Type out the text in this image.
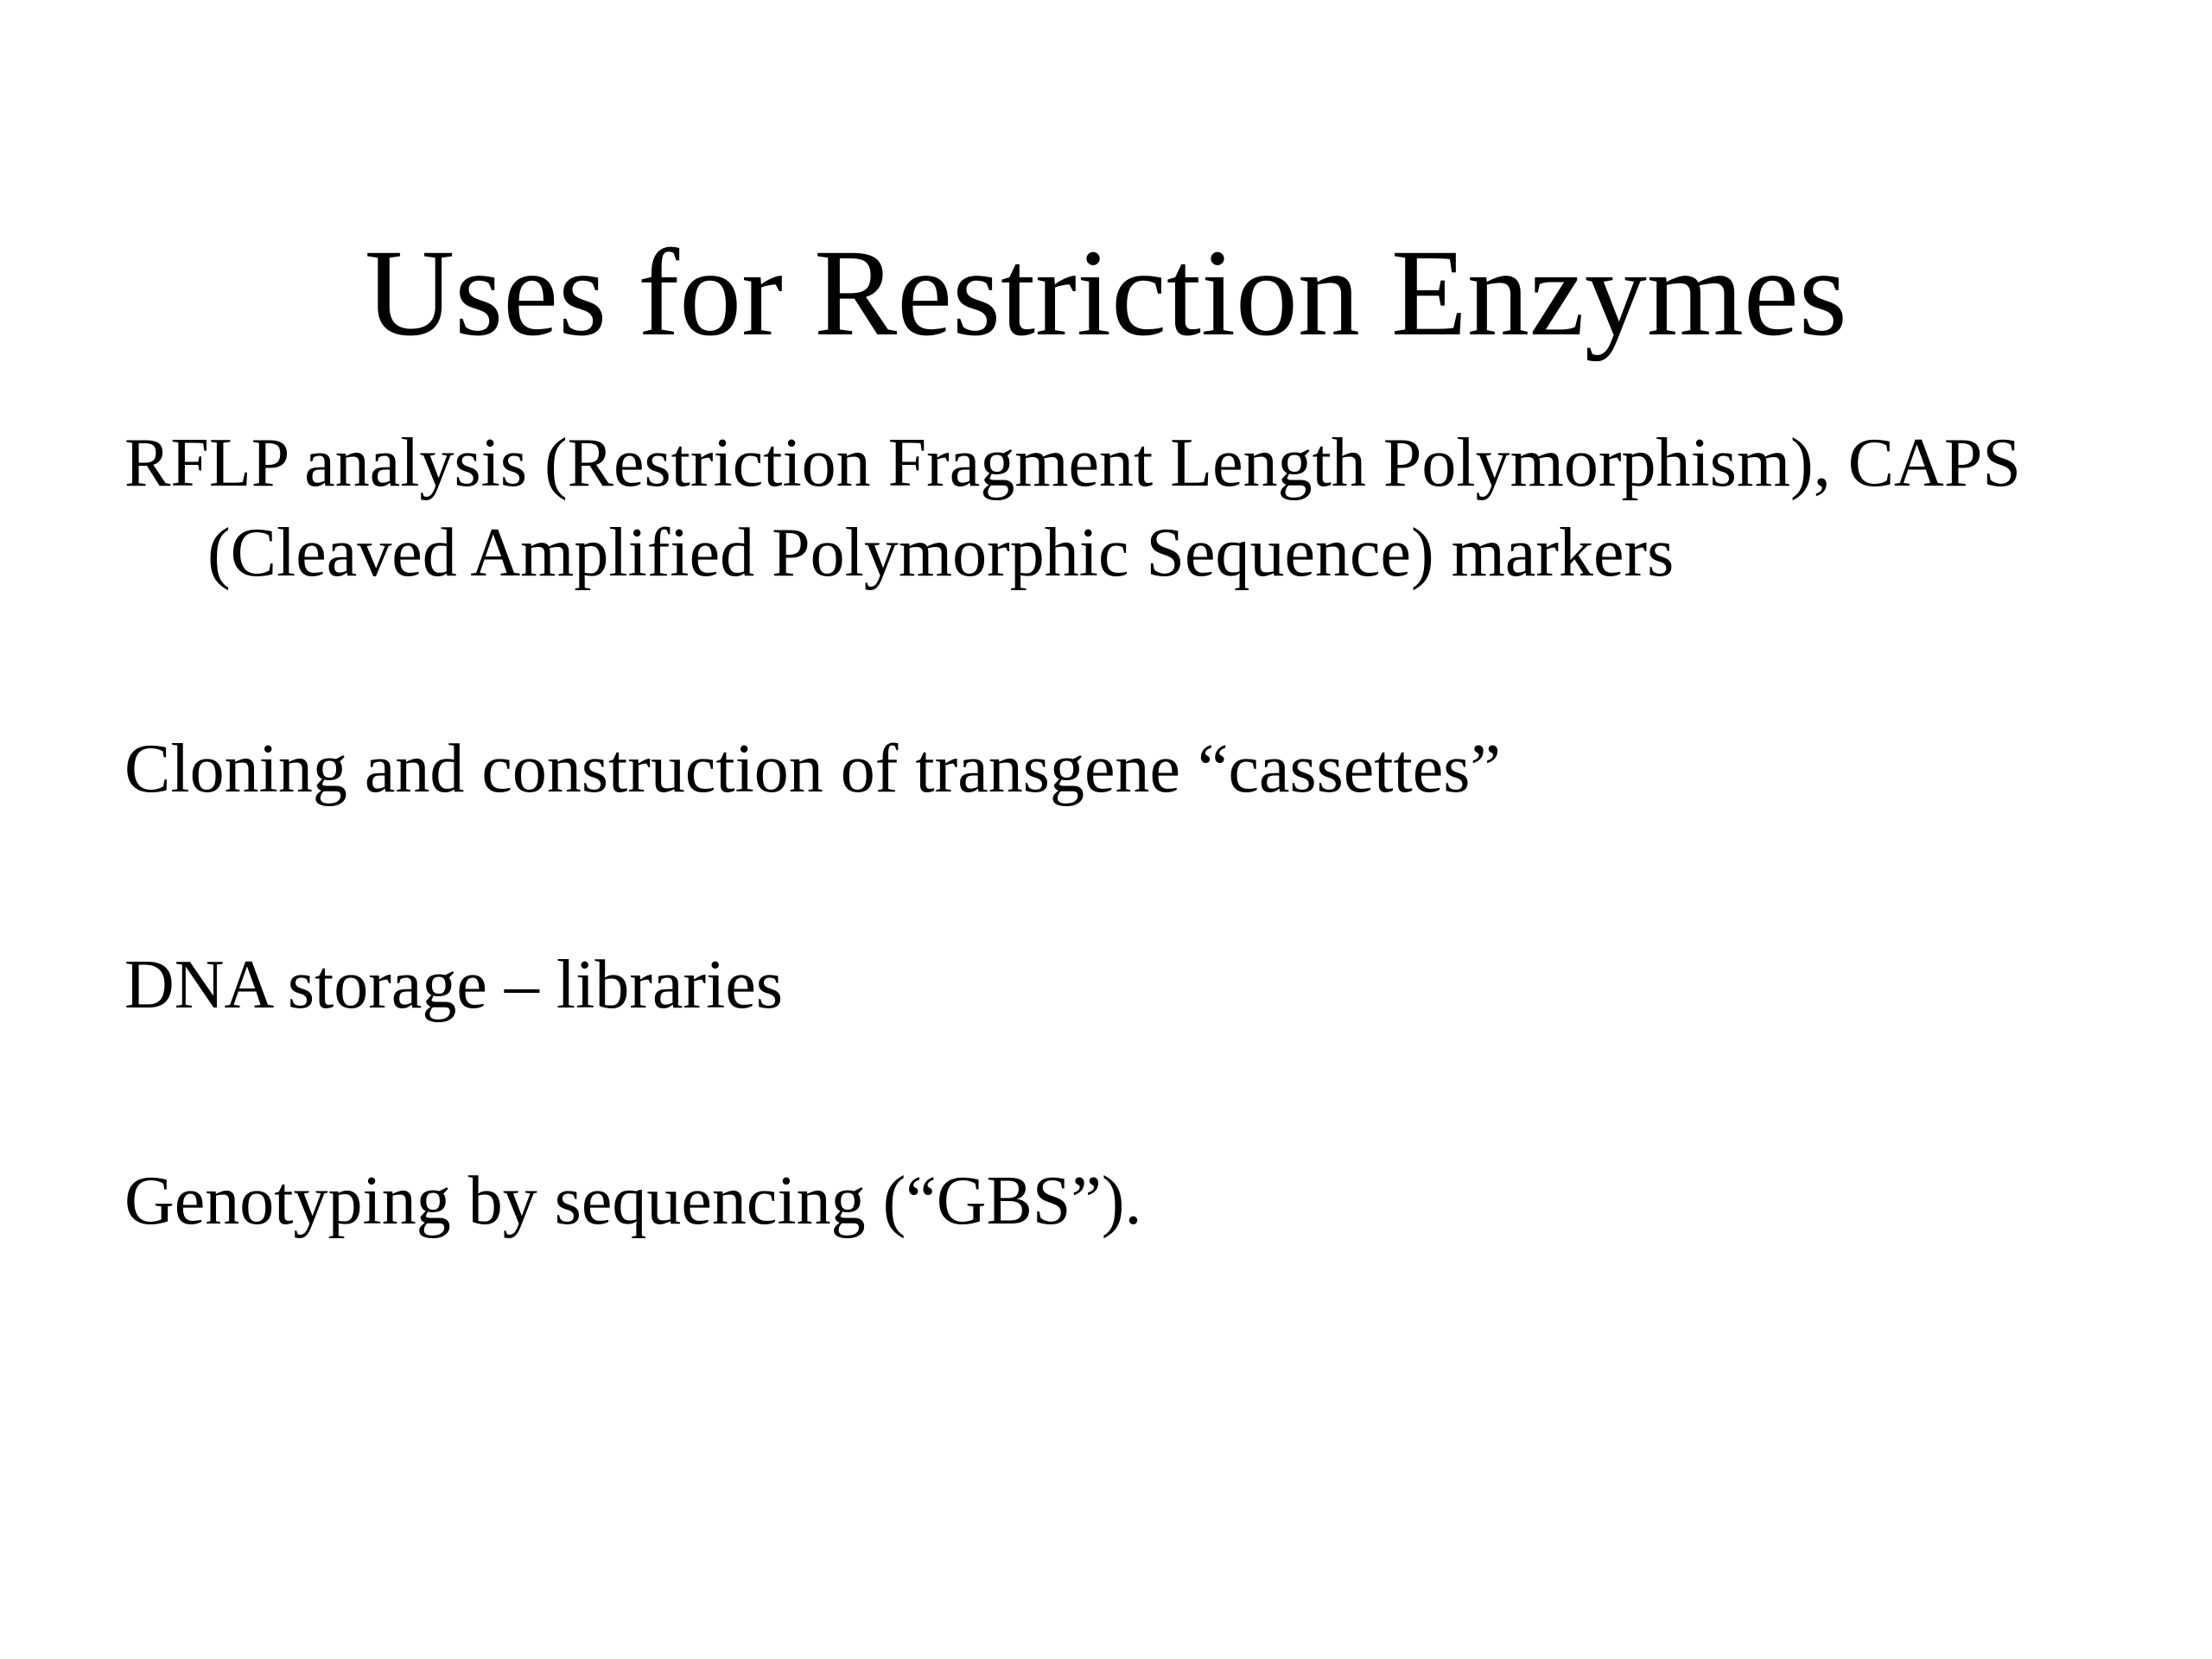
Uses for Restriction Enzymes
RFLP analysis (Restriction Fragment Length Polymorphism), CAPS (Cleaved Amplified Polymorphic Sequence) markers
Cloning and construction of transgene “cassettes”
DNA storage – libraries
Genotyping by sequencing (“GBS”).
